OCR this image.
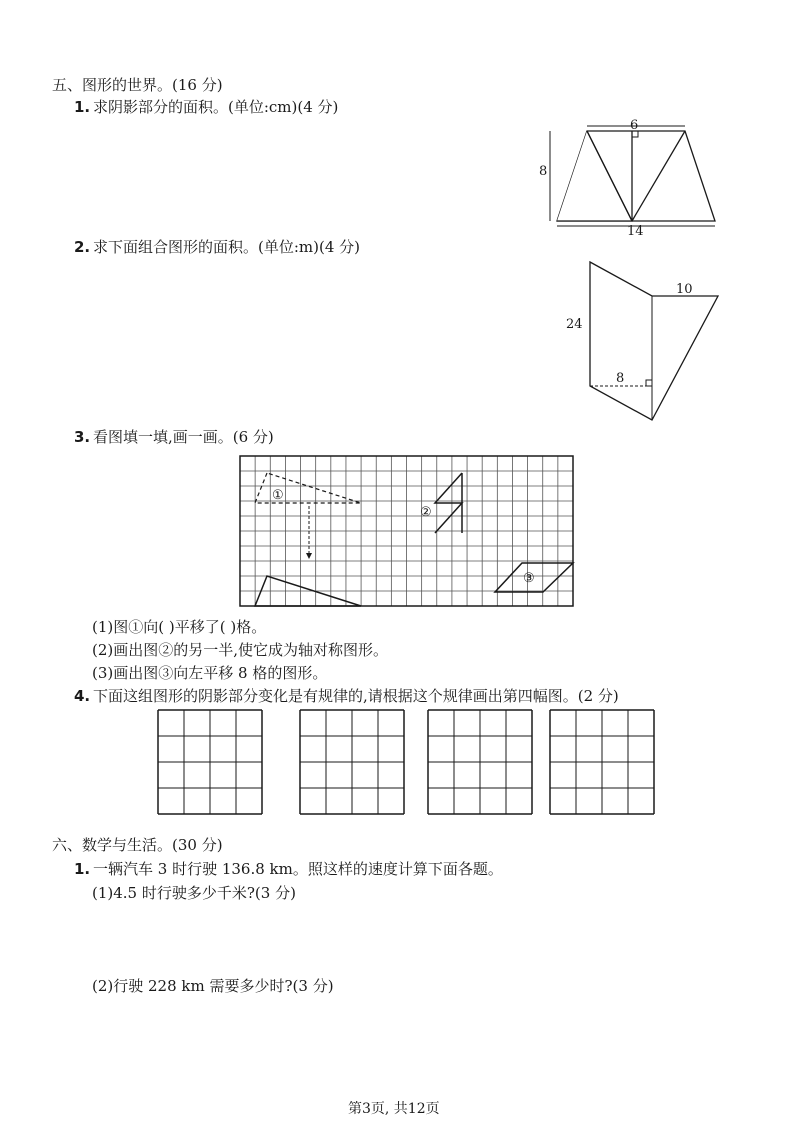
五、图形的世界。(16 分)
1. 求阴影部分的面积。(单位:cm)(4 分)
6
8
14
2. 求下面组合图形的面积。(单位:m)(4 分)
24
10
8
3. 看图填一填,画一画。(6 分)
①
②
③
(1)图①向( )平移了( )格。
(2)画出图②的另一半,使它成为轴对称图形。
(3)画出图③向左平移 8 格的图形。
4. 下面这组图形的阴影部分变化是有规律的,请根据这个规律画出第四幅图。(2 分)
六、数学与生活。(30 分)
1. 一辆汽车 3 时行驶 136.8 km。照这样的速度计算下面各题。
(1)4.5 时行驶多少千米?(3 分)
(2)行驶 228 km 需要多少时?(3 分)
第3页, 共12页
